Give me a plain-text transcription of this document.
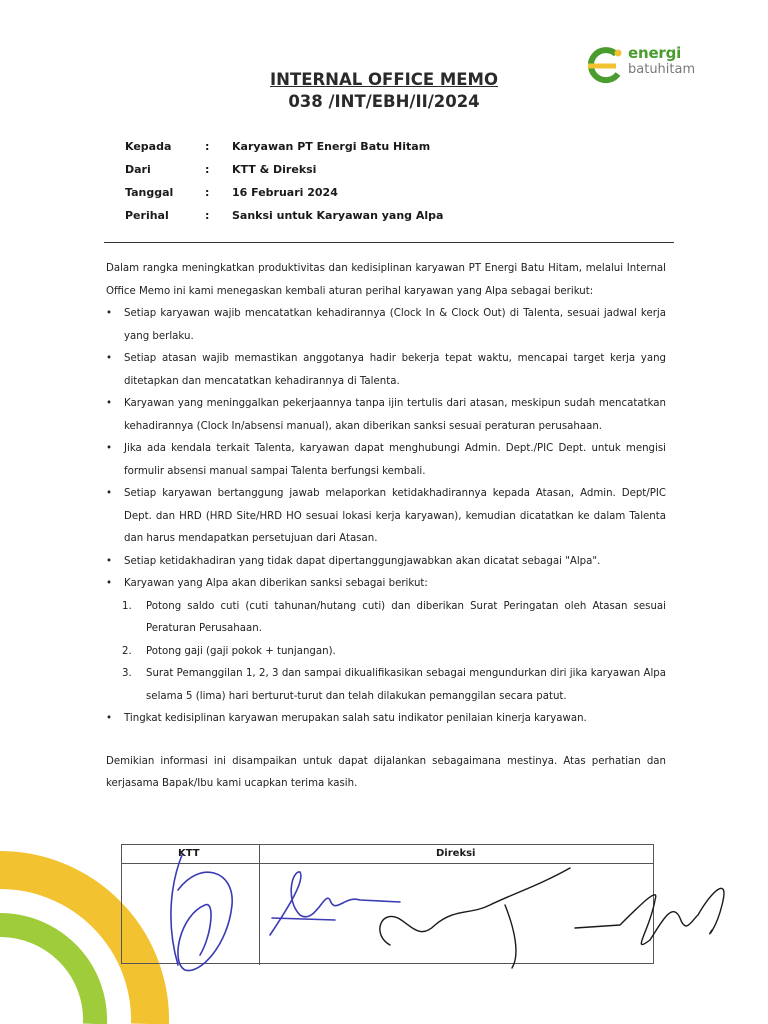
energi
batuhitam
INTERNAL OFFICE MEMO
038 /INT/EBH/II/2024
Kepada	: Karyawan PT Energi Batu Hitam
Dari	: KTT & Direksi
Tanggal	: 16 Februari 2024
Perihal	: Sanksi untuk Karyawan yang Alpa

Dalam rangka meningkatkan produktivitas dan kedisiplinan karyawan PT Energi Batu Hitam, melalui Internal Office Memo ini kami menegaskan kembali aturan perihal karyawan yang Alpa sebagai berikut:

• Setiap karyawan wajib mencatatkan kehadirannya (Clock In & Clock Out) di Talenta, sesuai jadwal kerja yang berlaku.
• Setiap atasan wajib memastikan anggotanya hadir bekerja tepat waktu, mencapai target kerja yang ditetapkan dan mencatatkan kehadirannya di Talenta.
• Karyawan yang meninggalkan pekerjaannya tanpa ijin tertulis dari atasan, meskipun sudah mencatatkan kehadirannya (Clock In/absensi manual), akan diberikan sanksi sesuai peraturan perusahaan.
• Jika ada kendala terkait Talenta, karyawan dapat menghubungi Admin. Dept./PIC Dept. untuk mengisi formulir absensi manual sampai Talenta berfungsi kembali.
• Setiap karyawan bertanggung jawab melaporkan ketidakhadirannya kepada Atasan, Admin. Dept/PIC Dept. dan HRD (HRD Site/HRD HO sesuai lokasi kerja karyawan), kemudian dicatatkan ke dalam Talenta dan harus mendapatkan persetujuan dari Atasan.
• Setiap ketidakhadiran yang tidak dapat dipertanggungjawabkan akan dicatat sebagai "Alpa".
• Karyawan yang Alpa akan diberikan sanksi sebagai berikut:
1. Potong saldo cuti (cuti tahunan/hutang cuti) dan diberikan Surat Peringatan oleh Atasan sesuai Peraturan Perusahaan.
2. Potong gaji (gaji pokok + tunjangan).
3. Surat Pemanggilan 1, 2, 3 dan sampai dikualifikasikan sebagai mengundurkan diri jika karyawan Alpa selama 5 (lima) hari berturut-turut dan telah dilakukan pemanggilan secara patut.
• Tingkat kedisiplinan karyawan merupakan salah satu indikator penilaian kinerja karyawan.

Demikian informasi ini disampaikan untuk dapat dijalankan sebagaimana mestinya. Atas perhatian dan kerjasama Bapak/Ibu kami ucapkan terima kasih.

KTT	Direksi
